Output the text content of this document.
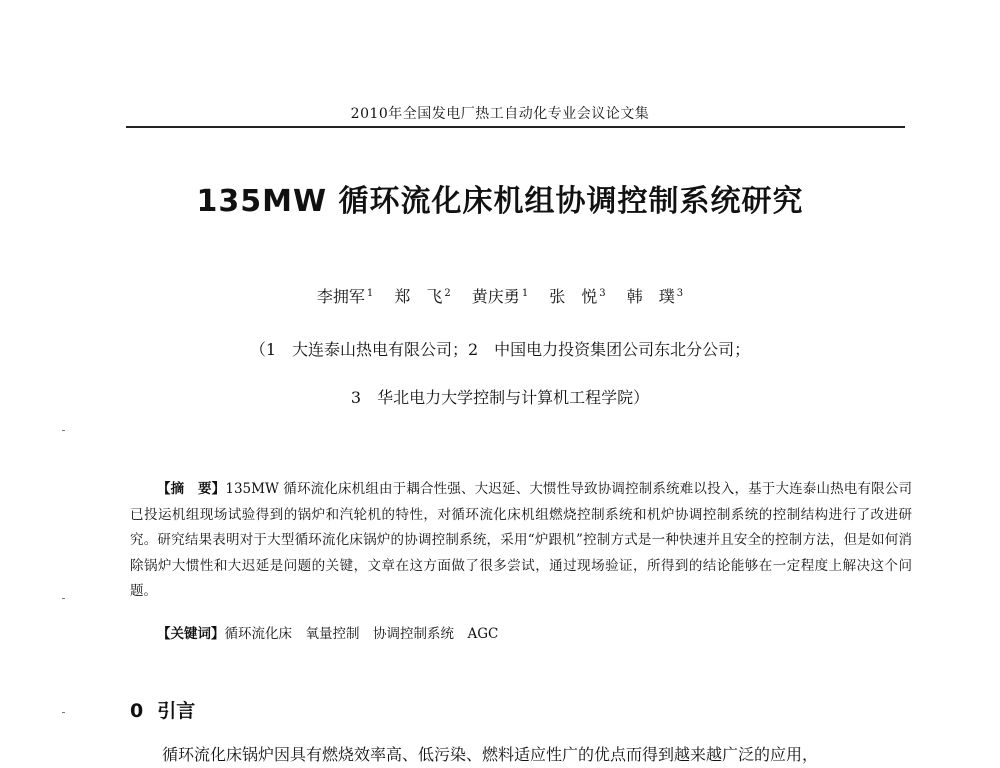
2010年全国发电厂热工自动化专业会议论文集
135MW 循环流化床机组协调控制系统研究
李拥军 $^1$ 郑　飞 $^2$ 黄庆勇 $^1$ 张　悦 $^3$ 韩　璞 $^3$
（1　大连泰山热电有限公司；2　中国电力投资集团公司东北分公司；
3　华北电力大学控制与计算机工程学院）
【摘　要】135MW 循环流化床机组由于耦合性强、大迟延、大惯性导致协调控制系统难以投入，基于大连泰山热电有限公司已投运机组现场试验得到的锅炉和汽轮机的特性，对循环流化床机组燃烧控制系统和机炉协调控制系统的控制结构进行了改进研究。研究结果表明对于大型循环流化床锅炉的协调控制系统，采用“炉跟机”控制方式是一种快速并且安全的控制方法，但是如何消除锅炉大惯性和大迟延是问题的关键，文章在这方面做了很多尝试，通过现场验证，所得到的结论能够在一定程度上解决这个问题。
【关键词】循环流化床　氧量控制　协调控制系统　AGC
0 引言
循环流化床锅炉因具有燃烧效率高、低污染、燃料适应性广的优点而得到越来越广泛的应用，
